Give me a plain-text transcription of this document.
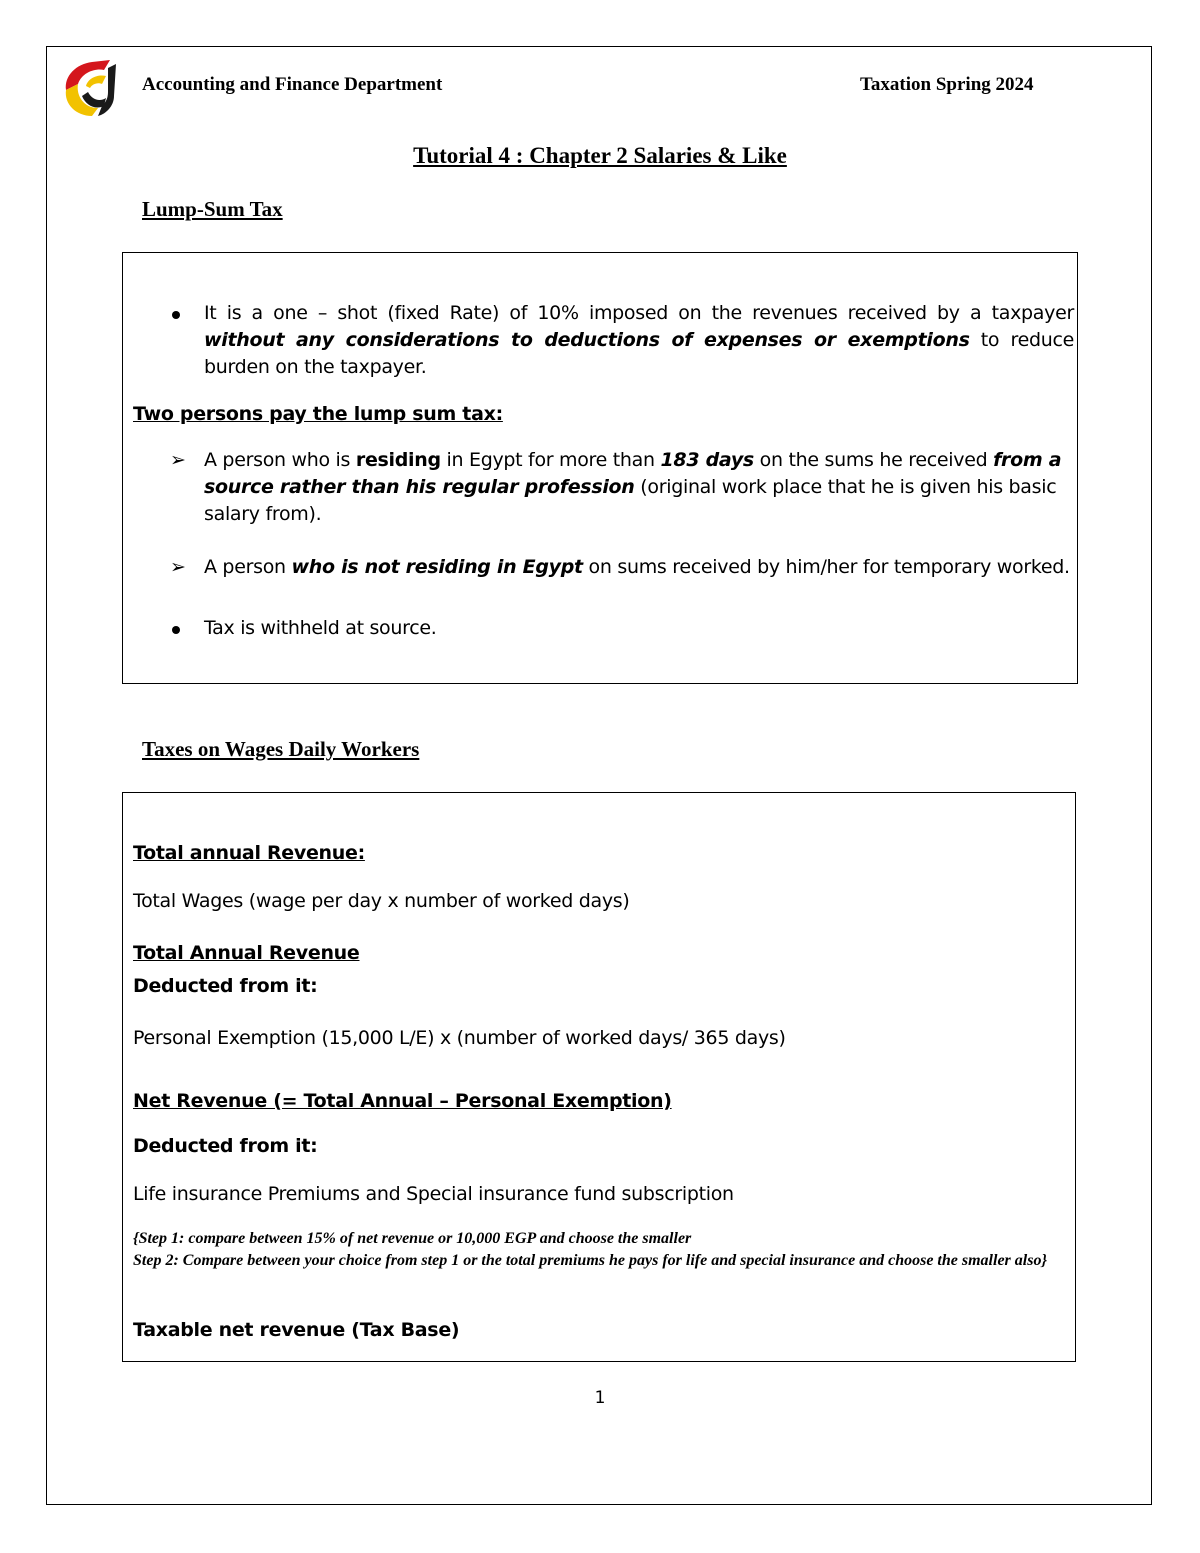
Accounting and Finance Department	Taxation Spring 2024
Tutorial 4 : Chapter 2 Salaries & Like
Lump-Sum Tax
It is a one – shot (fixed Rate) of 10% imposed on the revenues received by a taxpayer without any considerations to deductions of expenses or exemptions to reduce burden on the taxpayer.
Two persons pay the lump sum tax:
➢ A person who is residing in Egypt for more than 183 days on the sums he received from a source rather than his regular profession (original work place that he is given his basic salary from).
➢ A person who is not residing in Egypt on sums received by him/her for temporary worked.
Tax is withheld at source.
Taxes on Wages Daily Workers
Total annual Revenue:
Total Wages (wage per day x number of worked days)
Total Annual Revenue
Deducted from it:
Personal Exemption (15,000 L/E) x (number of worked days/ 365 days)
Net Revenue (= Total Annual – Personal Exemption)
Deducted from it:
Life insurance Premiums and Special insurance fund subscription
{Step 1: compare between 15% of net revenue or 10,000 EGP and choose the smaller
Step 2: Compare between your choice from step 1 or the total premiums he pays for life and special insurance and choose the smaller also}
Taxable net revenue (Tax Base)
1
